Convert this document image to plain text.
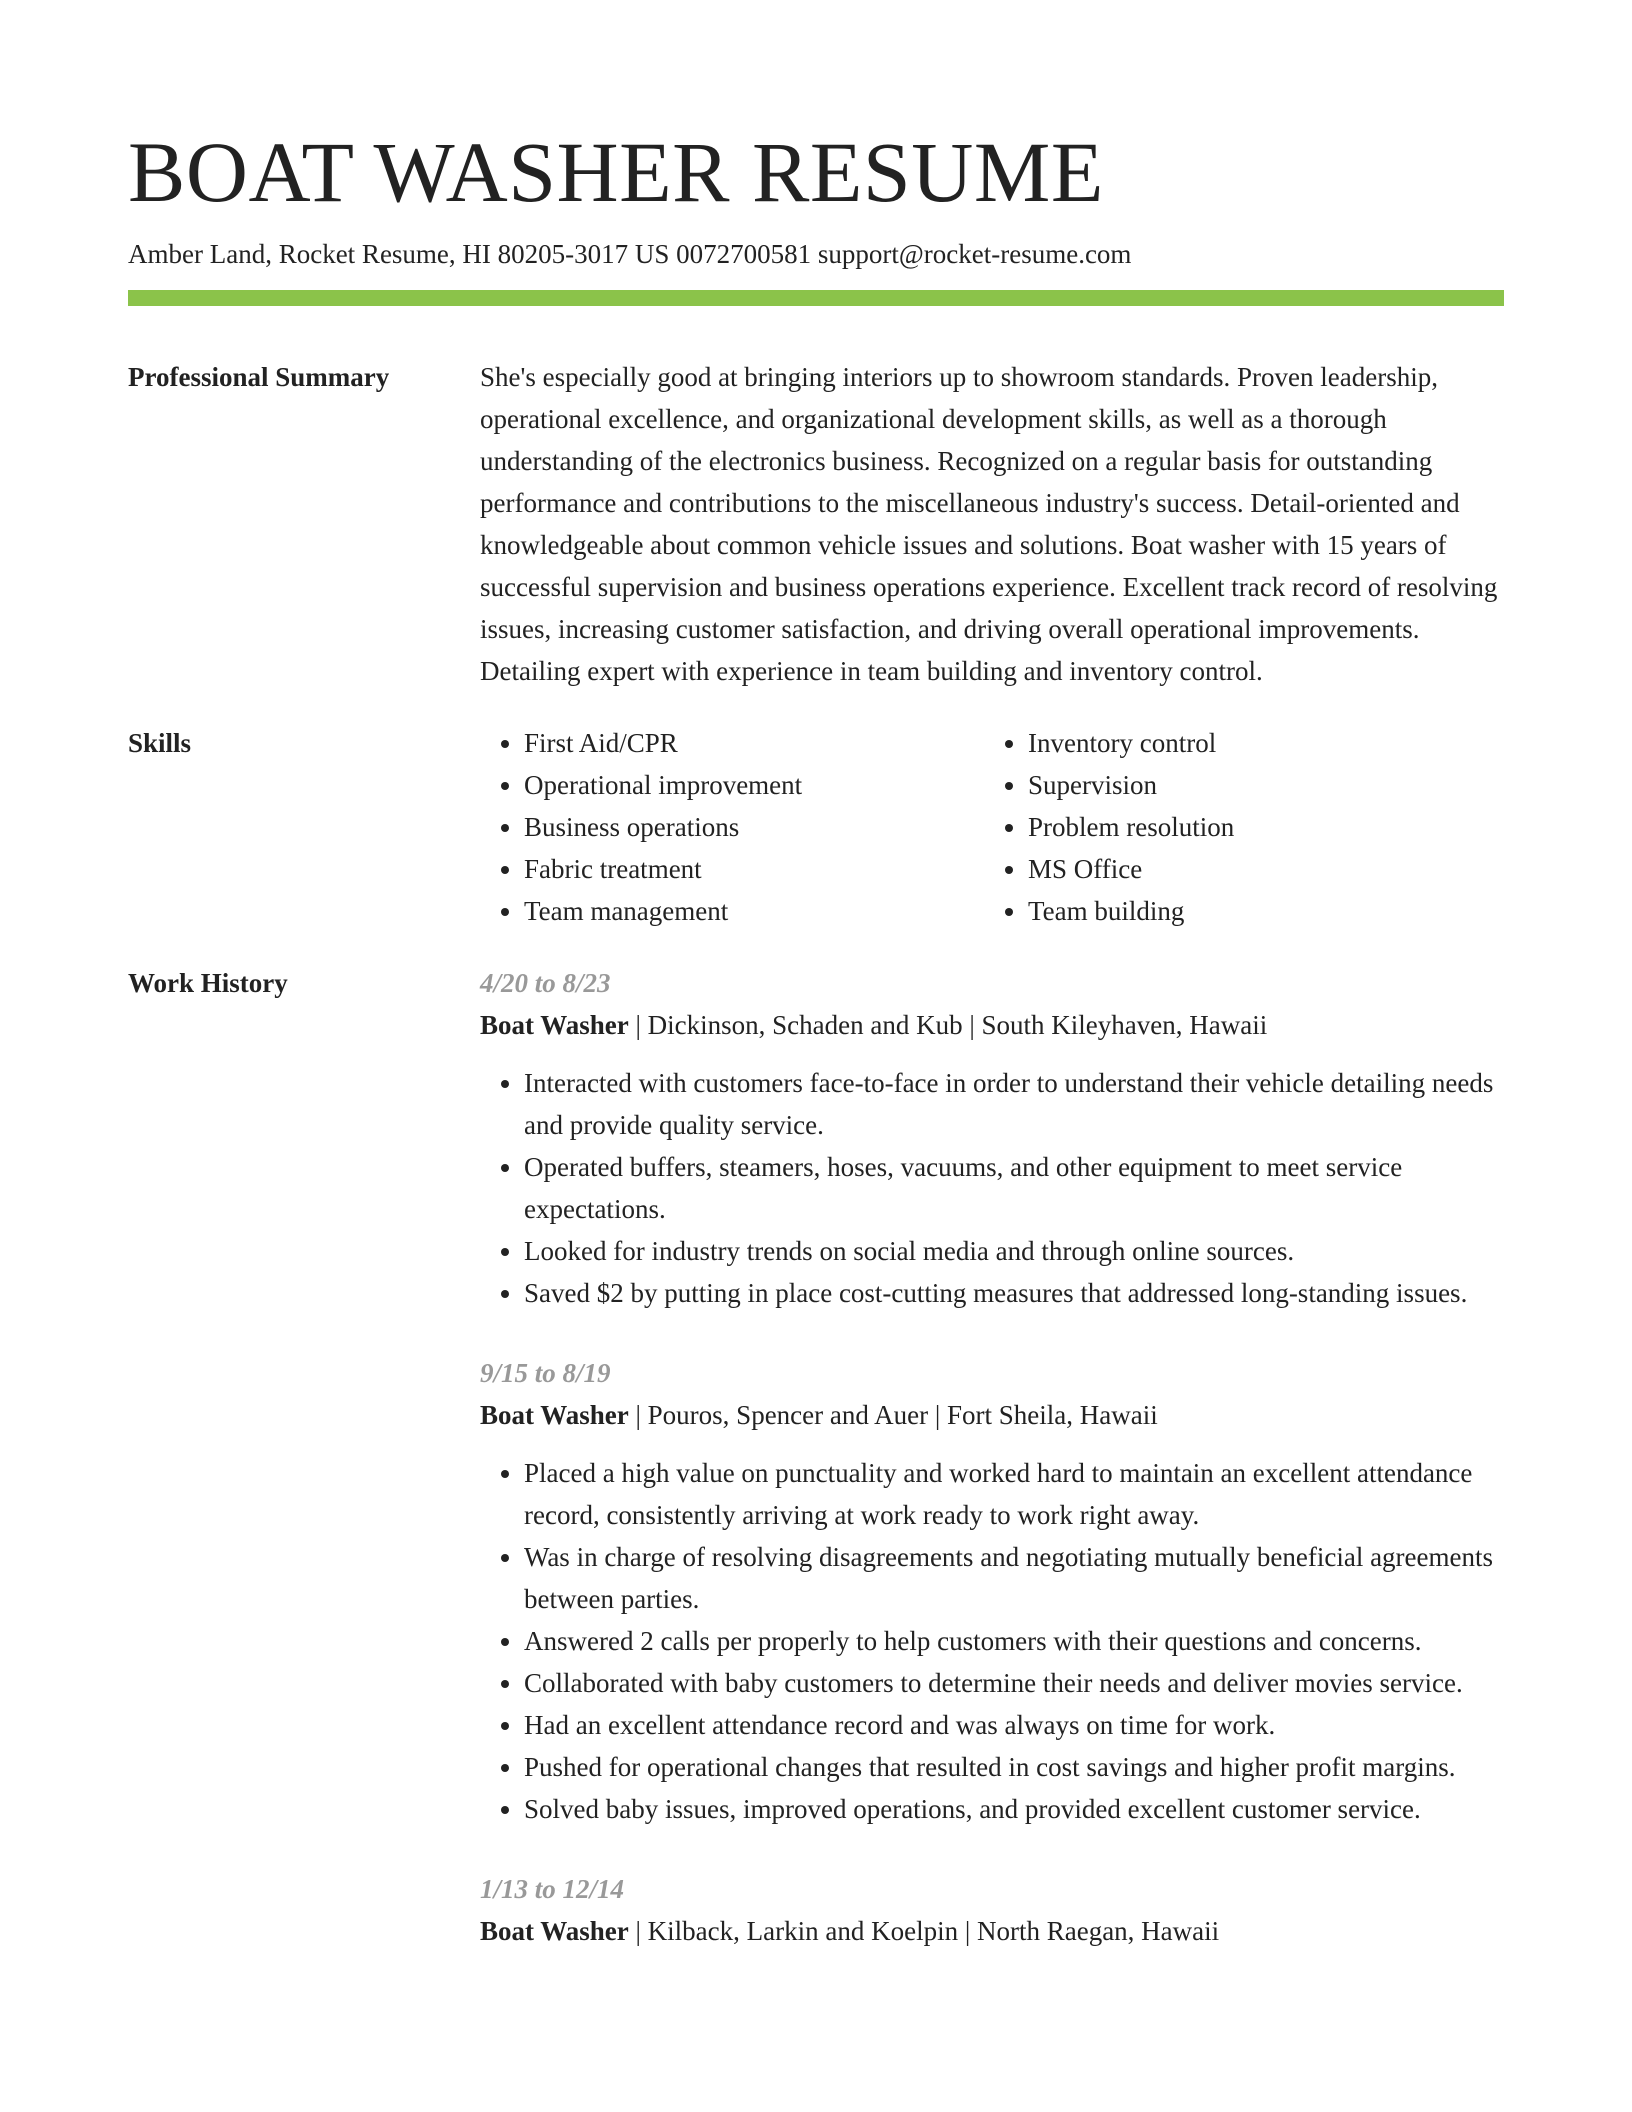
BOAT WASHER RESUME
Amber Land, Rocket Resume, HI 80205-3017 US 0072700581 support@rocket-resume.com
Professional Summary	She's especially good at bringing interiors up to showroom standards. Proven leadership, operational excellence, and organizational development skills, as well as a thorough understanding of the electronics business. Recognized on a regular basis for outstanding performance and contributions to the miscellaneous industry's success. Detail-oriented and knowledgeable about common vehicle issues and solutions. Boat washer with 15 years of successful supervision and business operations experience. Excellent track record of resolving issues, increasing customer satisfaction, and driving overall operational improvements. Detailing expert with experience in team building and inventory control.

Skills
•	First Aid/CPR
• Operational improvement
• Business operations
• Fabric treatment
• Team management
• Inventory control
• Supervision
• Problem resolution
• MS Office
• Team building
Work History	4/20 to 8/23
Boat Washer | Dickinson, Schaden and Kub | South Kileyhaven, Hawaii
• Interacted with customers face-to-face in order to understand their vehicle detailing needs and provide quality service.
• Operated buffers, steamers, hoses, vacuums, and other equipment to meet service expectations.
• Looked for industry trends on social media and through online sources.
• Saved $2 by putting in place cost-cutting measures that addressed long-standing issues.
9/15 to 8/19
Boat Washer | Pouros, Spencer and Auer | Fort Sheila, Hawaii
• Placed a high value on punctuality and worked hard to maintain an excellent attendance record, consistently arriving at work ready to work right away.
• Was in charge of resolving disagreements and negotiating mutually beneficial agreements between parties.
• Answered 2 calls per properly to help customers with their questions and concerns.
• Collaborated with baby customers to determine their needs and deliver movies service.
• Had an excellent attendance record and was always on time for work.
• Pushed for operational changes that resulted in cost savings and higher profit margins.
• Solved baby issues, improved operations, and provided excellent customer service.
1/13 to 12/14
Boat Washer | Kilback, Larkin and Koelpin | North Raegan, Hawaii
